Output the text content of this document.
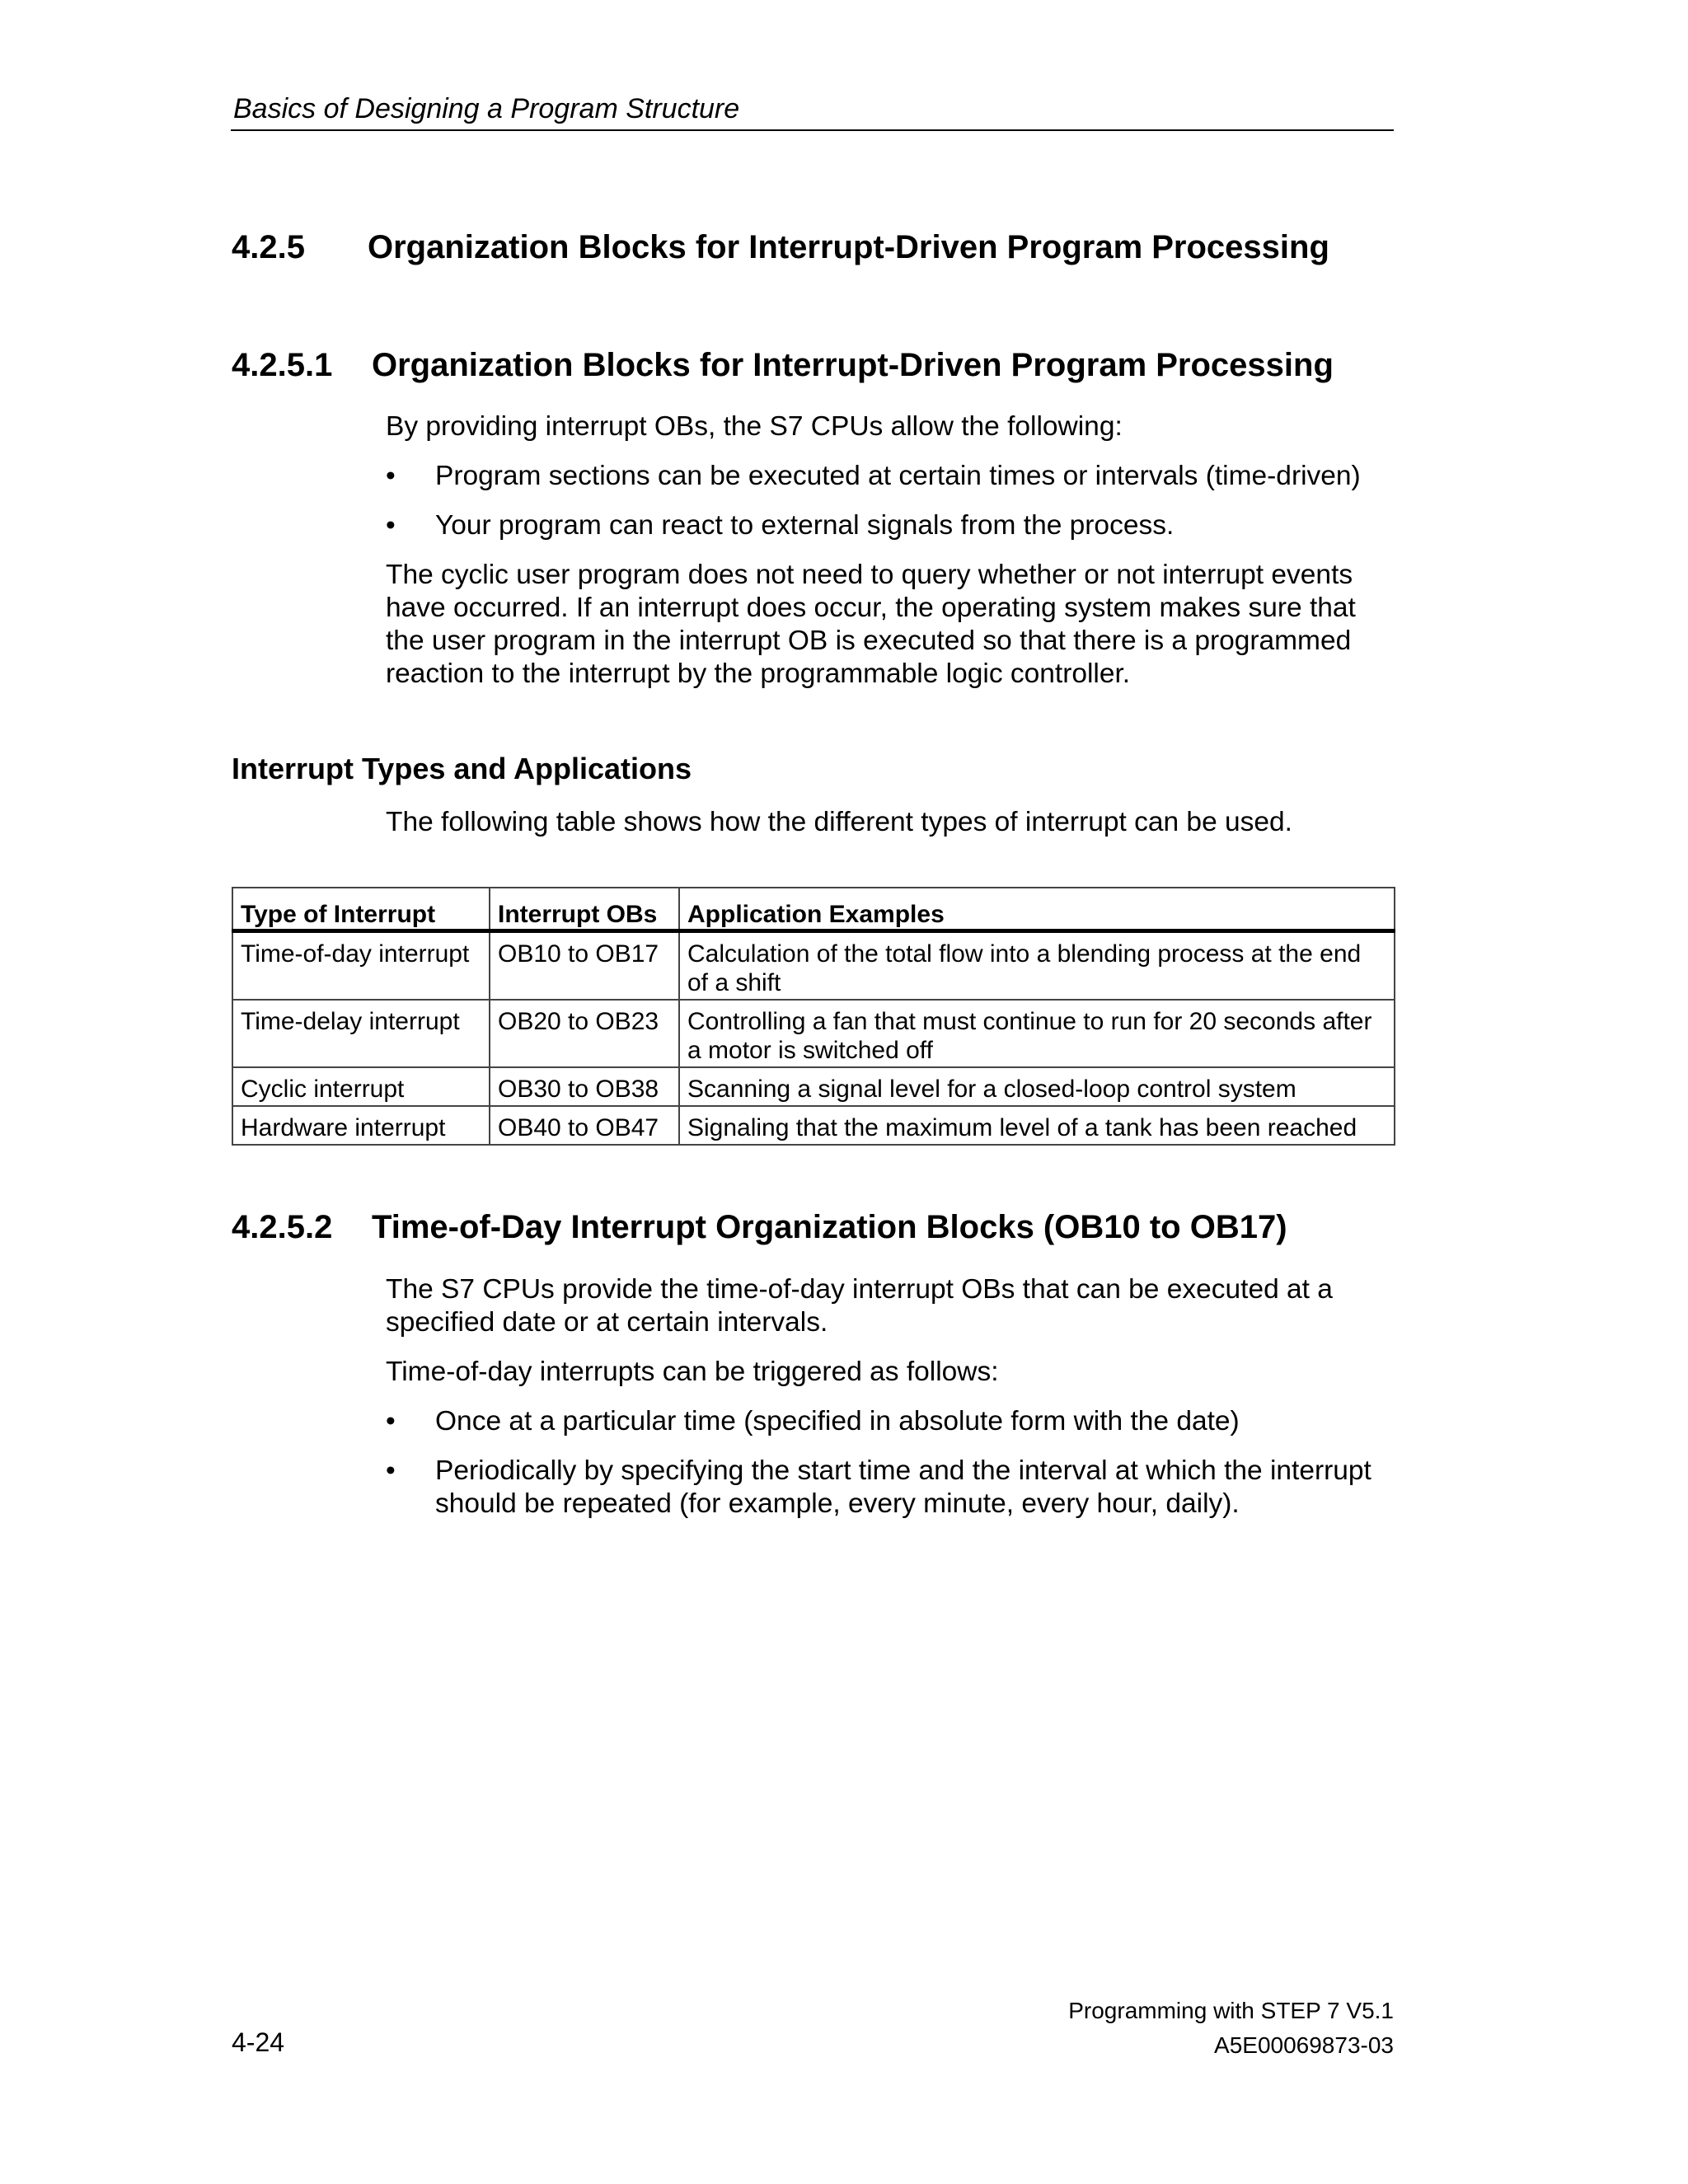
Basics of Designing a Program Structure
4.2.5 Organization Blocks for Interrupt-Driven Program Processing
4.2.5.1 Organization Blocks for Interrupt-Driven Program Processing
By providing interrupt OBs, the S7 CPUs allow the following:
•	Program sections can be executed at certain times or intervals (time-driven)
•	Your program can react to external signals from the process.
The cyclic user program does not need to query whether or not interrupt events have occurred. If an interrupt does occur, the operating system makes sure that the user program in the interrupt OB is executed so that there is a programmed reaction to the interrupt by the programmable logic controller.
Interrupt Types and Applications
The following table shows how the different types of interrupt can be used.
Type of Interrupt	Interrupt OBs	Application Examples
Time-of-day interrupt	OB10 to OB17	Calculation of the total flow into a blending process at the end of a shift
Time-delay interrupt	OB20 to OB23	Controlling a fan that must continue to run for 20 seconds after a motor is switched off
Cyclic interrupt	OB30 to OB38	Scanning a signal level for a closed-loop control system
Hardware interrupt	OB40 to OB47	Signaling that the maximum level of a tank has been reached
4.2.5.2 Time-of-Day Interrupt Organization Blocks (OB10 to OB17)
The S7 CPUs provide the time-of-day interrupt OBs that can be executed at a specified date or at certain intervals.
Time-of-day interrupts can be triggered as follows:
•	Once at a particular time (specified in absolute form with the date)
•	Periodically by specifying the start time and the interval at which the interrupt should be repeated (for example, every minute, every hour, daily).
Programming with STEP 7 V5.1
4-24	A5E00069873-03
